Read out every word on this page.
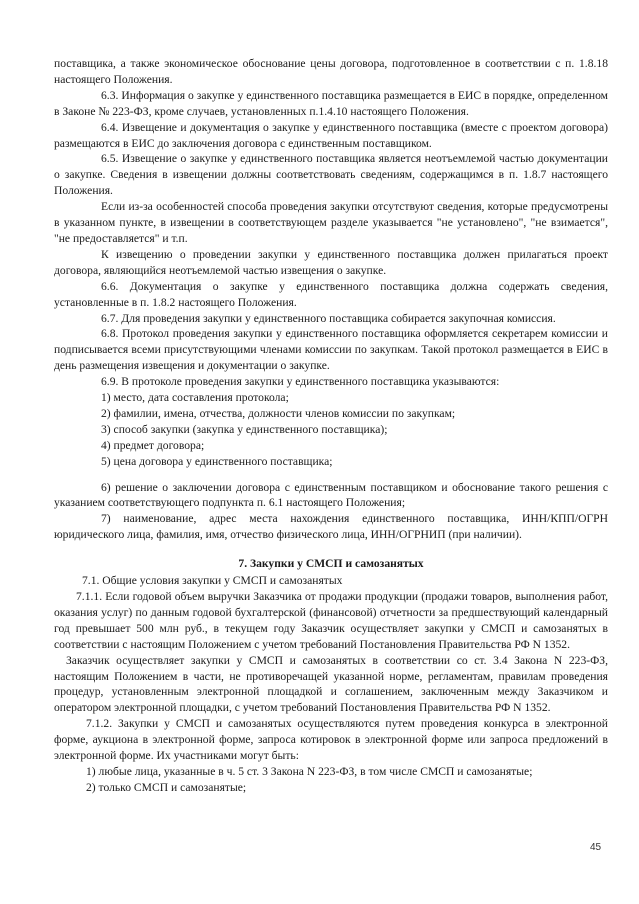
поставщика, а также экономическое обоснование цены договора, подготовленное в соответствии с п. 1.8.18 настоящего Положения.

6.3. Информация о закупке у единственного поставщика размещается в ЕИС в порядке, определенном в Законе № 223-ФЗ, кроме случаев, установленных п.1.4.10 настоящего Положения.

6.4. Извещение и документация о закупке у единственного поставщика (вместе с проектом договора) размещаются в ЕИС до заключения договора с единственным поставщиком.

6.5. Извещение о закупке у единственного поставщика является неотъемлемой частью документации о закупке. Сведения в извещении должны соответствовать сведениям, содержащимся в п. 1.8.7 настоящего Положения.

Если из-за особенностей способа проведения закупки отсутствуют сведения, которые предусмотрены в указанном пункте, в извещении в соответствующем разделе указывается "не установлено", "не взимается", "не предоставляется" и т.п.

К извещению о проведении закупки у единственного поставщика должен прилагаться проект договора, являющийся неотъемлемой частью извещения о закупке.

6.6. Документация о закупке у единственного поставщика должна содержать сведения, установленные в п. 1.8.2 настоящего Положения.

6.7. Для проведения закупки у единственного поставщика собирается закупочная комиссия.

6.8. Протокол проведения закупки у единственного поставщика оформляется секретарем комиссии и подписывается всеми присутствующими членами комиссии по закупкам. Такой протокол размещается в ЕИС в день размещения извещения и документации о закупке.

6.9. В протоколе проведения закупки у единственного поставщика указываются:

1) место, дата составления протокола;

2) фамилии, имена, отчества, должности членов комиссии по закупкам;

3) способ закупки (закупка у единственного поставщика);

4) предмет договора;

5) цена договора у единственного поставщика;

6) решение о заключении договора с единственным поставщиком и обоснование такого решения с указанием соответствующего подпункта п. 6.1 настоящего Положения;

7) наименование, адрес места нахождения единственного поставщика, ИНН/КПП/ОГРН юридического лица, фамилия, имя, отчество физического лица, ИНН/ОГРНИП (при наличии).

7. Закупки у СМСП и самозанятых

7.1. Общие условия закупки у СМСП и самозанятых

7.1.1. Если годовой объем выручки Заказчика от продажи продукции (продажи товаров, выполнения работ, оказания услуг) по данным годовой бухгалтерской (финансовой) отчетности за предшествующий календарный год превышает 500 млн руб., в текущем году Заказчик осуществляет закупки у СМСП и самозанятых в соответствии с настоящим Положением с учетом требований Постановления Правительства РФ N 1352.

Заказчик осуществляет закупки у СМСП и самозанятых в соответствии со ст. 3.4 Закона N 223-ФЗ, настоящим Положением в части, не противоречащей указанной норме, регламентам, правилам проведения процедур, установленным электронной площадкой и соглашением, заключенным между Заказчиком и оператором электронной площадки, с учетом требований Постановления Правительства РФ N 1352.

7.1.2. Закупки у СМСП и самозанятых осуществляются путем проведения конкурса в электронной форме, аукциона в электронной форме, запроса котировок в электронной форме или запроса предложений в электронной форме. Их участниками могут быть:

1) любые лица, указанные в ч. 5 ст. 3 Закона N 223-ФЗ, в том числе СМСП и самозанятые;

2) только СМСП и самозанятые;

45
